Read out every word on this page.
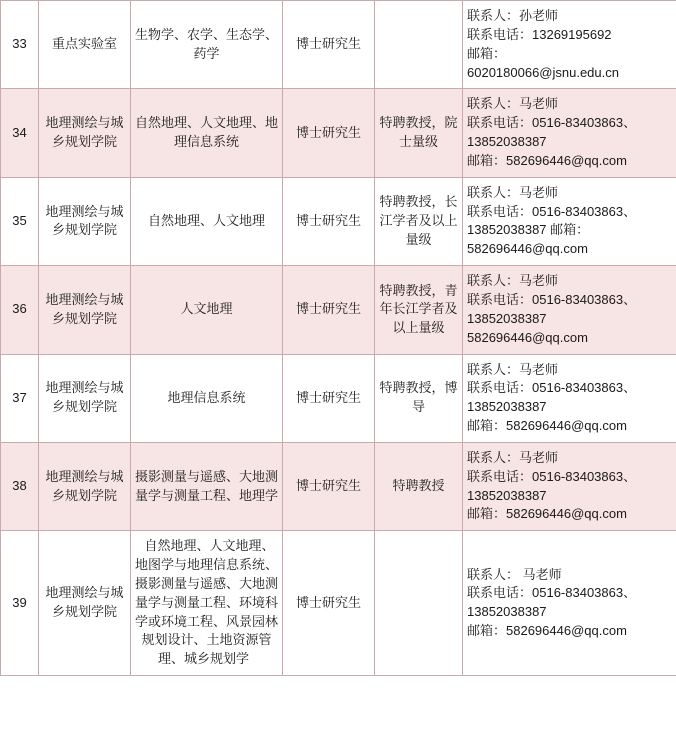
33	重点实验室	生物学、农学、生态学、药学	博士研究生		联系人：孙老师
联系电话：13269195692
邮箱：
6020180066@jsnu.edu.cn

34	地理测绘与城乡规划学院	自然地理、人文地理、地理信息系统	博士研究生	特聘教授，院士量级	联系人：马老师
联系电话：0516-83403863、13852038387
邮箱：582696446@qq.com

35	地理测绘与城乡规划学院	自然地理、人文地理	博士研究生	特聘教授，长江学者及以上量级	联系人：马老师
联系电话：0516-83403863、13852038387 邮箱：
582696446@qq.com

36	地理测绘与城乡规划学院	人文地理	博士研究生	特聘教授，青年长江学者及以上量级	联系人：马老师
联系电话：0516-83403863、13852038387
582696446@qq.com

37	地理测绘与城乡规划学院	地理信息系统	博士研究生	特聘教授，博导	联系人：马老师
联系电话：0516-83403863、13852038387
邮箱：582696446@qq.com

38	地理测绘与城乡规划学院	摄影测量与遥感、大地测量学与测量工程、地理学	博士研究生	特聘教授	联系人：马老师
联系电话：0516-83403863、13852038387
邮箱：582696446@qq.com

39	地理测绘与城乡规划学院	自然地理、人文地理、地图学与地理信息系统、摄影测量与遥感、大地测量学与测量工程、环境科学或环境工程、风景园林规划设计、土地资源管理、城乡规划学	博士研究生		联系人： 马老师
联系电话：0516-83403863、13852038387
邮箱：582696446@qq.com
